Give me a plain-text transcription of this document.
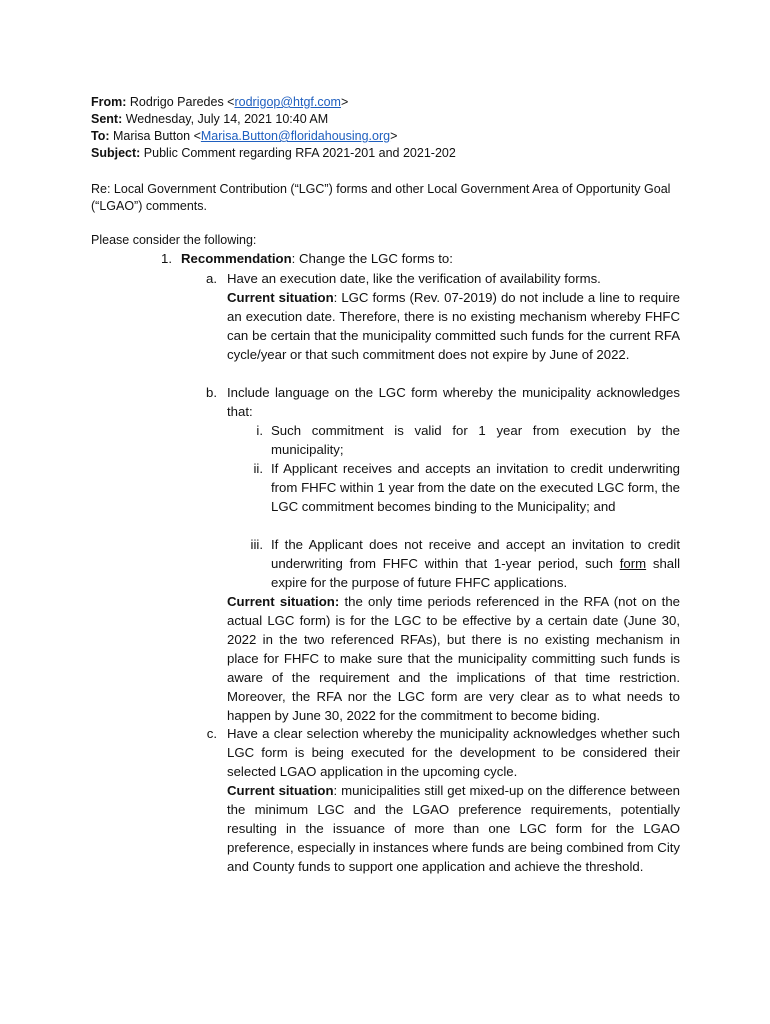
From: Rodrigo Paredes <rodrigop@htgf.com>
Sent: Wednesday, July 14, 2021 10:40 AM
To: Marisa Button <Marisa.Button@floridahousing.org>
Subject: Public Comment regarding RFA 2021-201 and 2021-202
Re: Local Government Contribution (“LGC”) forms and other Local Government Area of Opportunity Goal (“LGAO”) comments.
Please consider the following:
1. Recommendation: Change the LGC forms to:
a. Have an execution date, like the verification of availability forms.
Current situation: LGC forms (Rev. 07-2019) do not include a line to require an execution date. Therefore, there is no existing mechanism whereby FHFC can be certain that the municipality committed such funds for the current RFA cycle/year or that such commitment does not expire by June of 2022.
b. Include language on the LGC form whereby the municipality acknowledges that:
i. Such commitment is valid for 1 year from execution by the municipality;
ii. If Applicant receives and accepts an invitation to credit underwriting from FHFC within 1 year from the date on the executed LGC form, the LGC commitment becomes binding to the Municipality; and
iii. If the Applicant does not receive and accept an invitation to credit underwriting from FHFC within that 1-year period, such form shall expire for the purpose of future FHFC applications.
Current situation: the only time periods referenced in the RFA (not on the actual LGC form) is for the LGC to be effective by a certain date (June 30, 2022 in the two referenced RFAs), but there is no existing mechanism in place for FHFC to make sure that the municipality committing such funds is aware of the requirement and the implications of that time restriction. Moreover, the RFA nor the LGC form are very clear as to what needs to happen by June 30, 2022 for the commitment to become biding.
c. Have a clear selection whereby the municipality acknowledges whether such LGC form is being executed for the development to be considered their selected LGAO application in the upcoming cycle.
Current situation: municipalities still get mixed-up on the difference between the minimum LGC and the LGAO preference requirements, potentially resulting in the issuance of more than one LGC form for the LGAO preference, especially in instances where funds are being combined from City and County funds to support one application and achieve the threshold.
